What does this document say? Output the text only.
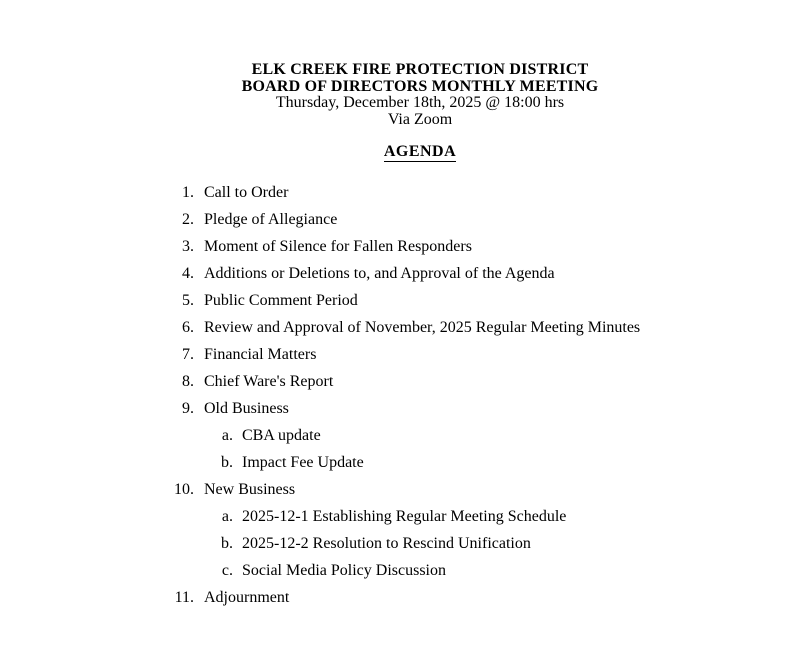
ELK CREEK FIRE PROTECTION DISTRICT
BOARD OF DIRECTORS MONTHLY MEETING
Thursday, December 18th, 2025 @ 18:00 hrs
Via Zoom
AGENDA
1. Call to Order
2. Pledge of Allegiance
3. Moment of Silence for Fallen Responders
4. Additions or Deletions to, and Approval of the Agenda
5. Public Comment Period
6. Review and Approval of November, 2025 Regular Meeting Minutes
7. Financial Matters
8. Chief Ware's Report
9. Old Business
a. CBA update
b. Impact Fee Update
10. New Business
a. 2025-12-1 Establishing Regular Meeting Schedule
b. 2025-12-2 Resolution to Rescind Unification
c. Social Media Policy Discussion
11. Adjournment
